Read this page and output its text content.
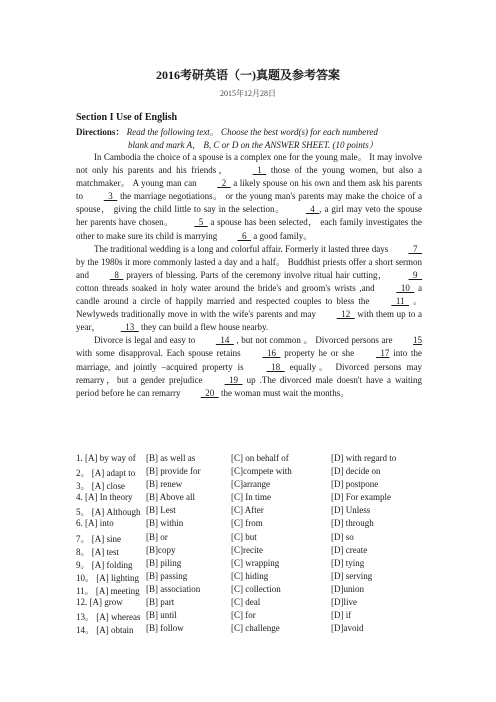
2016考研英语（一)真题及参考答案
2015年12月28日
Section I Use of English
Directions： Read the following text。 Choose the best word(s) for each numbered
blank and mark A， B, C or D on the ANSWER SHEET. (10 points）

In Cambodia the choice of a spouse is a complex one for the young male。 It may involve not only his parents and his friends，   1   those of the young women, but also a matchmaker。 A young man can   2   a likely spouse on his own and them ask his parents to   3   the marriage negotiations。 or the young man's parents may make the choice of a spouse， giving the child little to say in the selection。   4  , a girl may veto the spouse her parents have chosen。   5   a spouse has been selected， each family investigates the other to make sure its child is marrying   6   a good family。

The traditional wedding is a long and colorful affair. Formerly it lasted three days   7   by the 1980s it more commonly lasted a day and a half。 Buddhist priests offer a short sermon and   8   prayers of blessing. Parts of the ceremony involve ritual hair cutting，   9   cotton threads soaked in holy water around the bride's and groom's wrists ,and   10   a candle around a circle of happily married and respected couples to bless the   11   。 Newlyweds traditionally move in with the wife's parents and may   12   with them up to a year，   13   they can build a flew house nearby.

Divorce is legal and easy to   14   , but not common 。 Divorced persons are 15 with some disapproval. Each spouse retains   16   property he or she   17 into the marriage, and jointly –acquired property is   18   equally。 Divorced persons may remarry，but a gender prejudice   19   up .The divorced male doesn't have a waiting period before he can remarry   20   the woman must wait the months。

1. [A] by way of [B] as well as	[C] on behalf of	[D] with regard to
2。 [A] adapt to [B] provide for	[C]compete with	[D] decide on
3。 [A] close [B] renew	[C]arrange	[D] postpone
4. [A] In theory [B] Above all	[C] In time	[D] For example
5。 [A] Although [B] Lest	[C] After	[D] Unless
6. [A] into	[B] within	[C] from	[D] through
7。 [A] sine	[B] or	[C] but	[D] so
8。 [A] test	[B]copy	[C]recite	[D] create
9。 [A] folding [B] piling	[C] wrapping	[D] tying
10。 [A] lighting [B] passing	[C] hiding	[D] serving
11。 [A] meeting [B] association	[C] collection	[D]union
12. [A] grow	[B] part	[C] deal	[D]live
13。 [A] whereas [B] until	[C] for	[D] if
14。 [A] obtain [B] follow	[C] challenge	[D]avoid
